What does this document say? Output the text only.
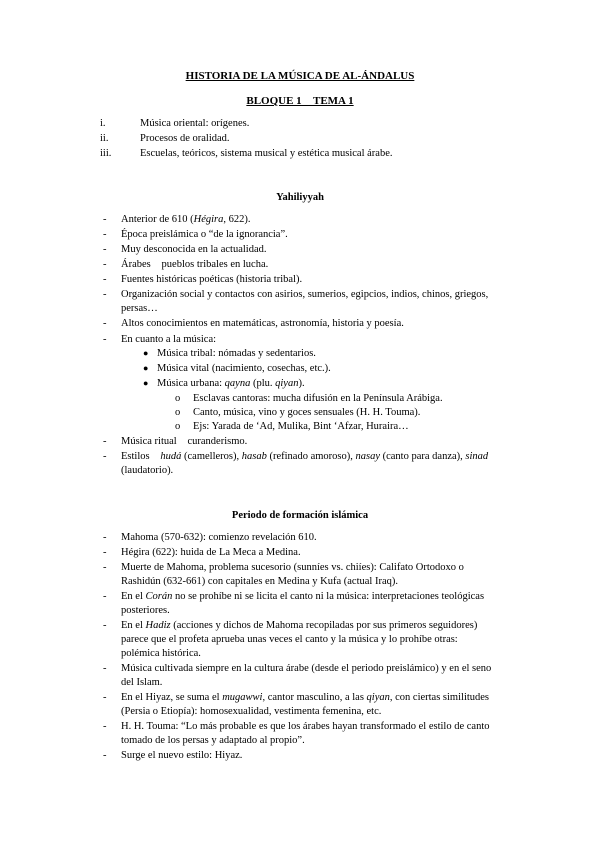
HISTORIA DE LA MÚSICA DE AL-ÁNDALUS
BLOQUE 1 TEMA 1
i.	Música oriental: orígenes.
ii.	Procesos de oralidad.
iii.	Escuelas, teóricos, sistema musical y estética musical árabe.
Yahiliyyah
- Anterior de 610 (Hégira, 622).
- Época preislámica o “de la ignorancia”.
- Muy desconocida en la actualidad.
- Árabes pueblos tribales en lucha.
- Fuentes históricas poéticas (historia tribal).
- Organización social y contactos con asirios, sumerios, egipcios, indios, chinos, griegos,
persas…
- Altos conocimientos en matemáticas, astronomía, historia y poesía.
- En cuanto a la música:
● Música tribal: nómadas y sedentarios.
● Música vital (nacimiento, cosechas, etc.).
● Música urbana: qayna (plu. qiyan).
o Esclavas cantoras: mucha difusión en la Península Arábiga.
o Canto, música, vino y goces sensuales (H. H. Touma).
o Ejs: Yarada de ‘Ad, Mulika, Bint ‘Afzar, Huraira…
- Música ritual curanderismo.
- Estilos hudá (camelleros), hasab (refinado amoroso), nasay (canto para danza), sinad
(laudatorio).
Periodo de formación islámica
- Mahoma (570-632): comienzo revelación 610.
- Hégira (622): huida de La Meca a Medina.
- Muerte de Mahoma, problema sucesorio (sunníes vs. chiíes): Califato Ortodoxo o
Rashidún (632-661) con capitales en Medina y Kufa (actual Iraq).
- En el Corán no se prohíbe ni se licita el canto ni la música: interpretaciones teológicas
posteriores.
- En el Hadiz (acciones y dichos de Mahoma recopiladas por sus primeros seguidores)
parece que el profeta aprueba unas veces el canto y la música y lo prohíbe otras:
polémica histórica.
- Música cultivada siempre en la cultura árabe (desde el periodo preislámico) y en el seno
del Islam.
- En el Hiyaz, se suma el mugawwi, cantor masculino, a las qiyan, con ciertas similitudes
(Persia o Etiopía): homosexualidad, vestimenta femenina, etc.
- H. H. Touma: “Lo más probable es que los árabes hayan transformado el estilo de canto
tomado de los persas y adaptado al propio”.
- Surge el nuevo estilo: Hiyaz.
